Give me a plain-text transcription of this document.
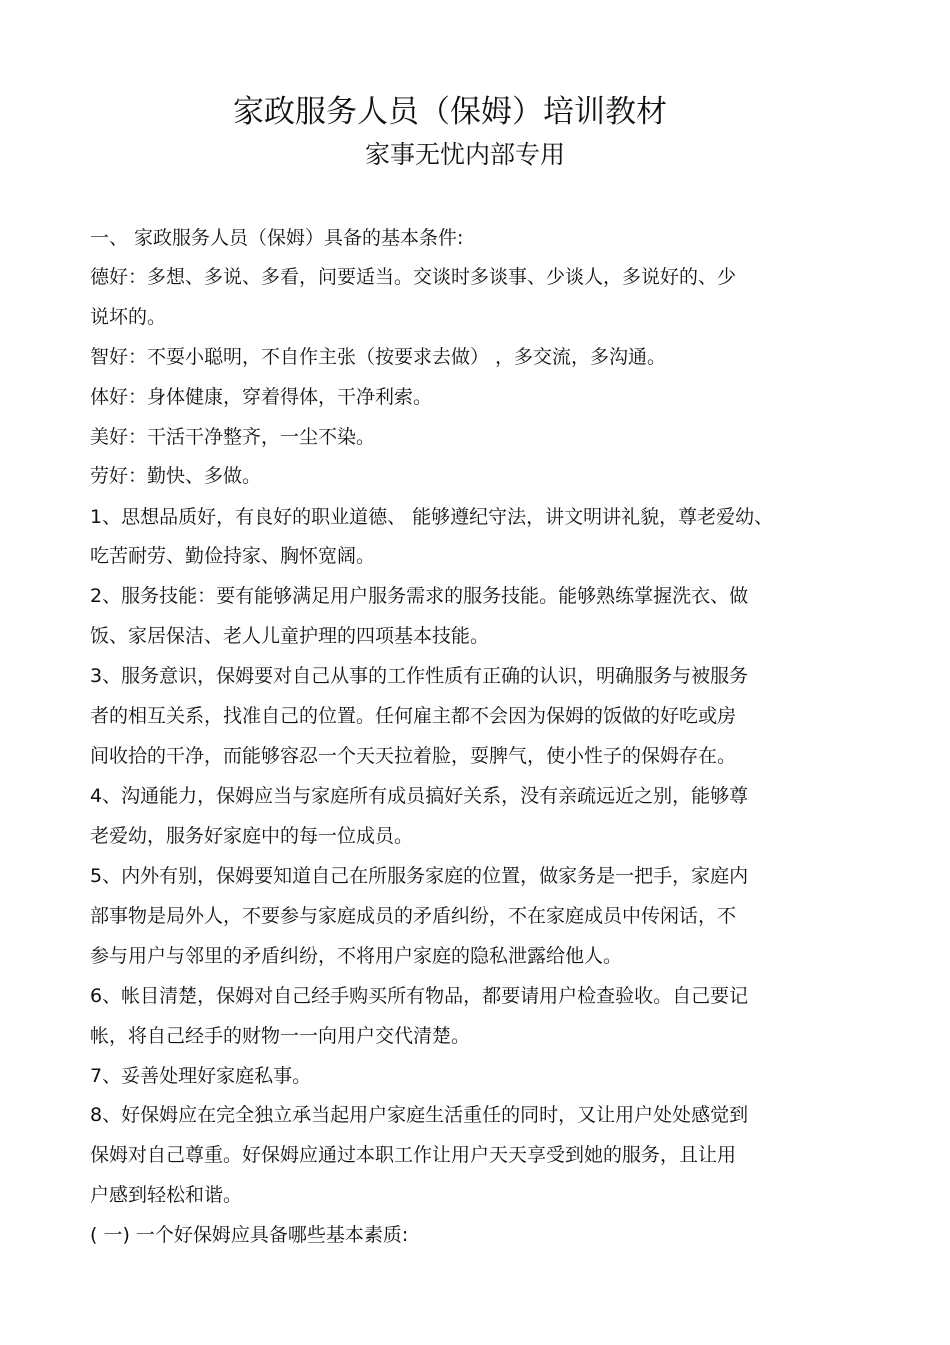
家政服务人员（保姆）培训教材
家事无忧内部专用
一、 家政服务人员（保姆）具备的基本条件:
德好：多想、多说、多看，问要适当。交谈时多谈事、少谈人，多说好的、少
说坏的。
智好：不耍小聪明，不自作主张（按要求去做） ，多交流，多沟通。
体好：身体健康，穿着得体，干净利索。
美好：干活干净整齐，一尘不染。
劳好：勤快、多做。
1、思想品质好，有良好的职业道德、 能够遵纪守法，讲文明讲礼貌，尊老爱幼、
吃苦耐劳、勤俭持家、胸怀宽阔。
2、服务技能：要有能够满足用户服务需求的服务技能。能够熟练掌握洗衣、做
饭、家居保洁、老人儿童护理的四项基本技能。
3、服务意识，保姆要对自己从事的工作性质有正确的认识，明确服务与被服务
者的相互关系，找准自己的位置。任何雇主都不会因为保姆的饭做的好吃或房
间收拾的干净，而能够容忍一个天天拉着脸，耍脾气，使小性子的保姆存在。
4、沟通能力，保姆应当与家庭所有成员搞好关系，没有亲疏远近之别，能够尊
老爱幼，服务好家庭中的每一位成员。
5、内外有别，保姆要知道自己在所服务家庭的位置，做家务是一把手，家庭内
部事物是局外人，不要参与家庭成员的矛盾纠纷，不在家庭成员中传闲话，不
参与用户与邻里的矛盾纠纷，不将用户家庭的隐私泄露给他人。
6、帐目清楚，保姆对自己经手购买所有物品，都要请用户检查验收。自己要记
帐，将自己经手的财物一一向用户交代清楚。
7、妥善处理好家庭私事。
8、好保姆应在完全独立承当起用户家庭生活重任的同时，又让用户处处感觉到
保姆对自己尊重。好保姆应通过本职工作让用户天天享受到她的服务，且让用
户感到轻松和谐。
( 一) 一个好保姆应具备哪些基本素质:
